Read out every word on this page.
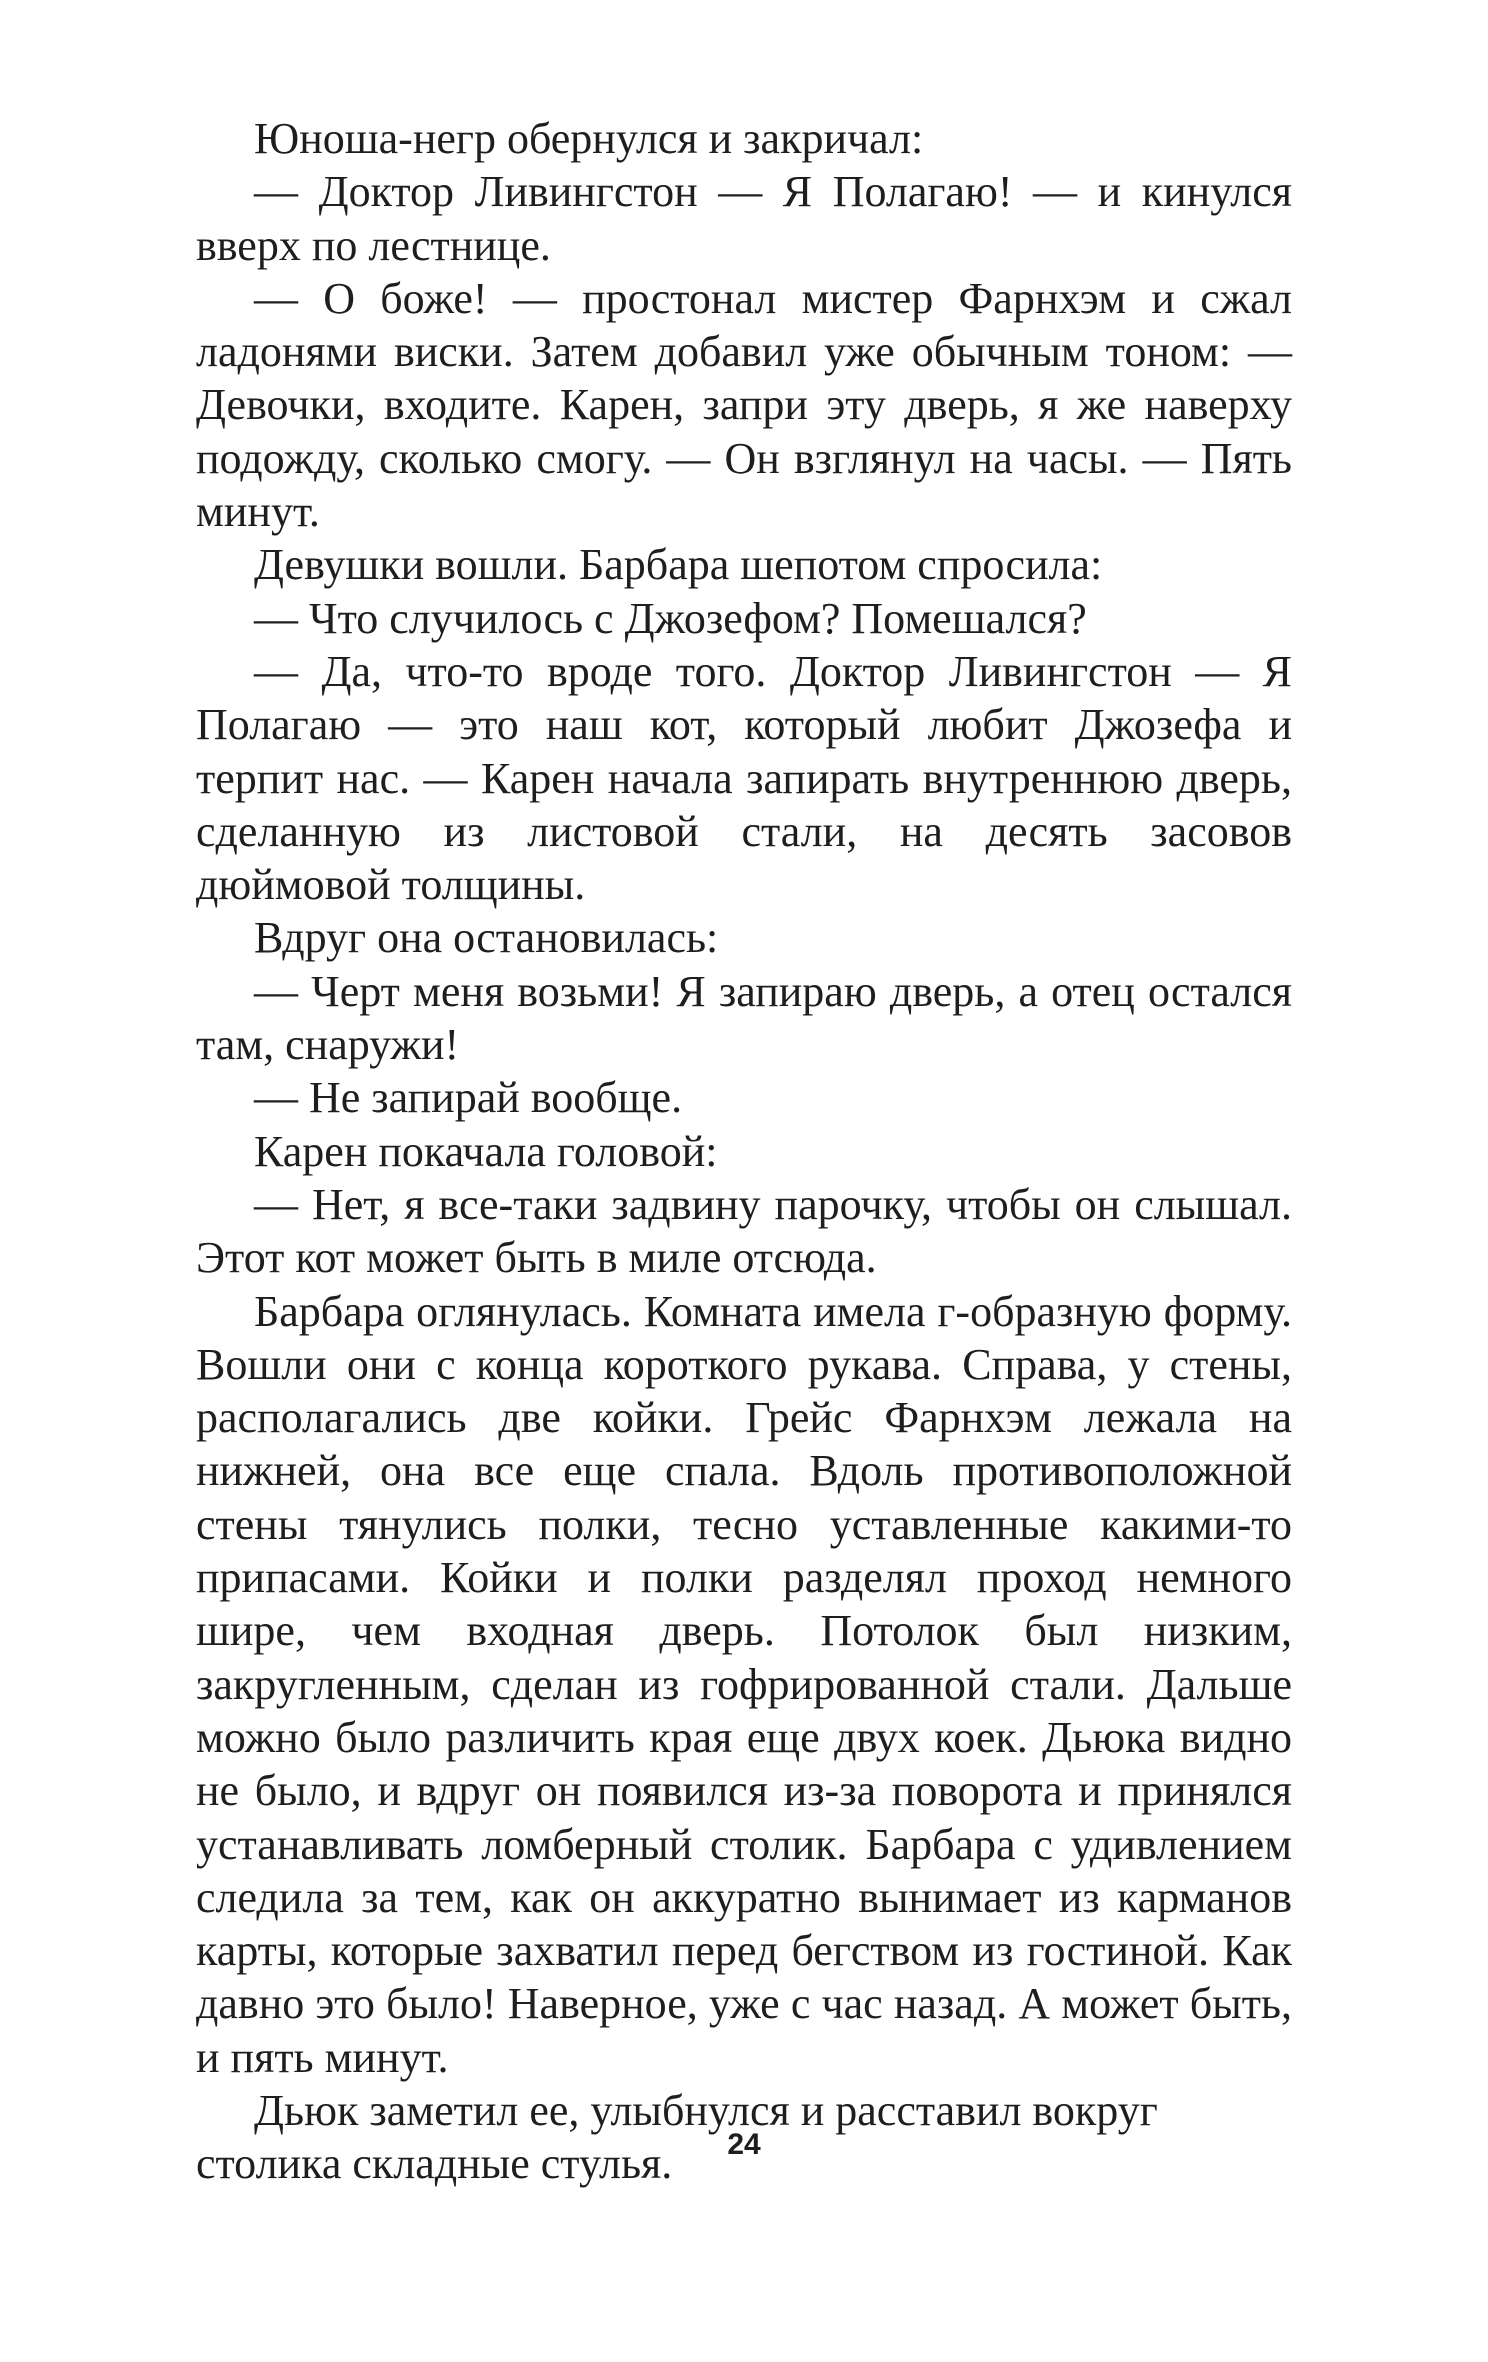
Юноша-негр обернулся и закричал:

— Доктор Ливингстон — Я Полагаю! — и кинулся вверх по лестнице.

— О боже! — простонал мистер Фарнхэм и сжал ладонями виски. Затем добавил уже обычным тоном: — Девочки, входите. Карен, запри эту дверь, я же наверху подожду, сколько смогу. — Он взглянул на часы. — Пять минут.

Девушки вошли. Барбара шепотом спросила:

— Что случилось с Джозефом? Помешался?

— Да, что-то вроде того. Доктор Ливингстон — Я Полагаю — это наш кот, который любит Джозефа и терпит нас. — Карен начала запирать внутреннюю дверь, сделанную из листовой стали, на десять засовов дюймовой толщины.

Вдруг она остановилась:

— Черт меня возьми! Я запираю дверь, а отец остался там, снаружи!

— Не запирай вообще.

Карен покачала головой:

— Нет, я все-таки задвину парочку, чтобы он слышал. Этот кот может быть в миле отсюда.

Барбара оглянулась. Комната имела г-образную форму. Вошли они с конца короткого рукава. Справа, у стены, располагались две койки. Грейс Фарнхэм лежала на нижней, она все еще спала. Вдоль противоположной стены тянулись полки, тесно уставленные какими-то припасами. Койки и полки разделял проход немного шире, чем входная дверь. Потолок был низким, закругленным, сделан из гофрированной стали. Дальше можно было различить края еще двух коек. Дьюка видно не было, и вдруг он появился из-за поворота и принялся устанавливать ломберный столик. Барбара с удивлением следила за тем, как он аккуратно вынимает из карманов карты, которые захватил перед бегством из гостиной. Как давно это было! Наверное, уже с час назад. А может быть, и пять минут.

Дьюк заметил ее, улыбнулся и расставил вокруг столика складные стулья.	24
